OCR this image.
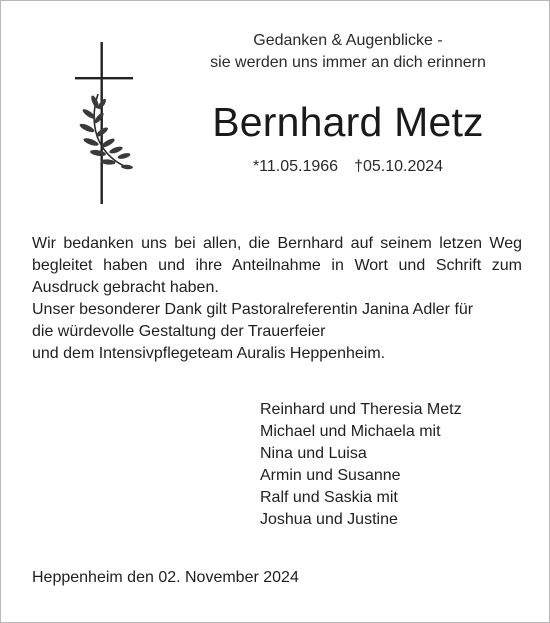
Gedanken & Augenblicke -
sie werden uns immer an dich erinnern
Bernhard Metz
*11.05.1966 †05.10.2024
Wir bedanken uns bei allen, die Bernhard auf seinem letzen Weg
begleitet haben und ihre Anteilnahme in Wort und Schrift zum
Ausdruck gebracht haben.
Unser besonderer Dank gilt Pastoralreferentin Janina Adler für
die würdevolle Gestaltung der Trauerfeier
und dem Intensivpflegeteam Auralis Heppenheim.
Reinhard und Theresia Metz
Michael und Michaela mit
Nina und Luisa
Armin und Susanne
Ralf und Saskia mit
Joshua und Justine
Heppenheim den 02. November 2024
